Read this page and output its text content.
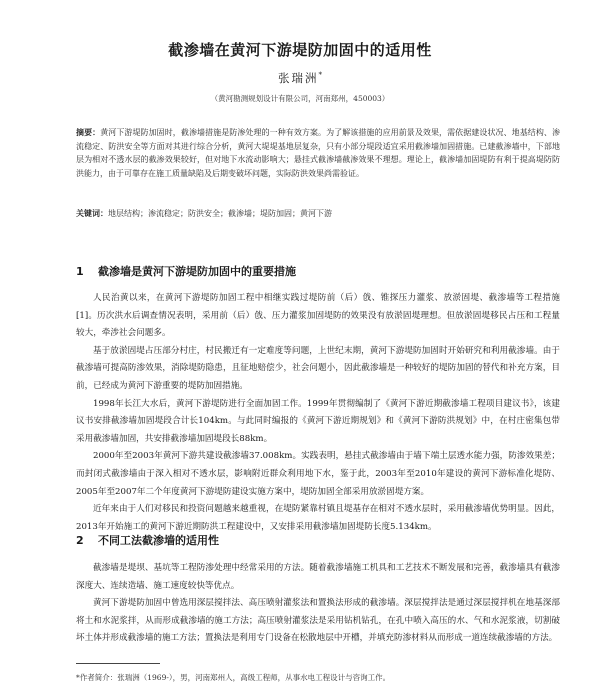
截渗墙在黄河下游堤防加固中的适用性
张瑞洲*
（黄河勘测规划设计有限公司，河南郑州，450003）
摘要：黄河下游堤防加固时，截渗墙措施是防渗处理的一种有效方案。为了解该措施的应用前景及效果，需依据建设状况、地基结构、渗流稳定、防洪安全等方面对其进行综合分析，黄河大堤堤基地层复杂，只有小部分堤段适宜采用截渗墙加固措施。已建截渗墙中，下部地层为相对不透水层的截渗效果较好，但对地下水流动影响大；悬挂式截渗墙截渗效果不理想。理论上，截渗墙加固堤防有利于提高堤防防洪能力，由于可靠存在施工质量缺陷及后期变破坏问题，实际防洪效果尚需验证。
关键词：地层结构；渗流稳定；防洪安全；截渗墙；堤防加固；黄河下游
1 截渗墙是黄河下游堤防加固中的重要措施

人民治黄以来，在黄河下游堤防加固工程中相继实践过堤防前（后）戗、锥探压力灌浆、放淤固堤、截渗墙等工程措施[1]。历次洪水后调查情况表明，采用前（后）戗、压力灌浆加固堤防的效果没有放淤固堤理想。但放淤固堤移民占压和工程量较大，牵涉社会问题多。

基于放淤固堤占压部分村庄，村民搬迁有一定难度等问题，上世纪末期，黄河下游堤防加固时开始研究和利用截渗墙。由于截渗墙可提高防渗效果，消除堤防隐患，且征地赔偿少，社会问题小，因此截渗墙是一种较好的堤防加固的替代和补充方案，目前，已经成为黄河下游重要的堤防加固措施。

1998年长江大水后，黄河下游堤防进行全面加固工作。1999年贯彻编制了《黄河下游近期截渗墙工程项目建议书》，该建议书安排截渗墙加固堤段合计长104km。与此同时编报的《黄河下游近期规划》和《黄河下游防洪规划》中，在村庄密集包带采用截渗墙加固，共安排截渗墙加固堤段长88km。

2000年至2003年黄河下游共建设截渗墙37.008km。实践表明，悬挂式截渗墙由于墙下端土层透水能力强，防渗效果差；而封闭式截渗墙由于深入相对不透水层，影响附近群众利用地下水，鉴于此，2003年至2010年建设的黄河下游标准化堤防、2005年至2007年二个年度黄河下游堤防建设实施方案中，堤防加固全部采用放淤固堤方案。

近年来由于人们对移民和投资问题越来越重视，在堤防紧靠村镇且堤基存在相对不透水层时，采用截渗墙优势明显。因此，2013年开始施工的黄河下游近期防洪工程建设中，又安排采用截渗墙加固堤防长度5.134km。

2 不同工法截渗墙的适用性

截渗墙是堤坝、基坑等工程防渗处理中经常采用的方法。随着截渗墙施工机具和工艺技术不断发展和完善，截渗墙具有截渗深度大、连续造墙、施工速度较快等优点。

黄河下游堤防加固中曾选用深层搅拌法、高压喷射灌浆法和置换法形成的截渗墙。深层搅拌法是通过深层搅拌机在地基深部将土和水泥浆拌，从而形成截渗墙的施工方法；高压喷射灌浆法是采用钻机钻孔，在孔中喷入高压的水、气和水泥浆液，切割破坏土体并形成截渗墙的施工方法；置换法是利用专门设备在松散地层中开槽，并填充防渗材料从而形成一道连续截渗墙的方法。

*作者简介：张瑞洲（1969-），男，河南郑州人，高级工程师，从事水电工程设计与咨询工作。
